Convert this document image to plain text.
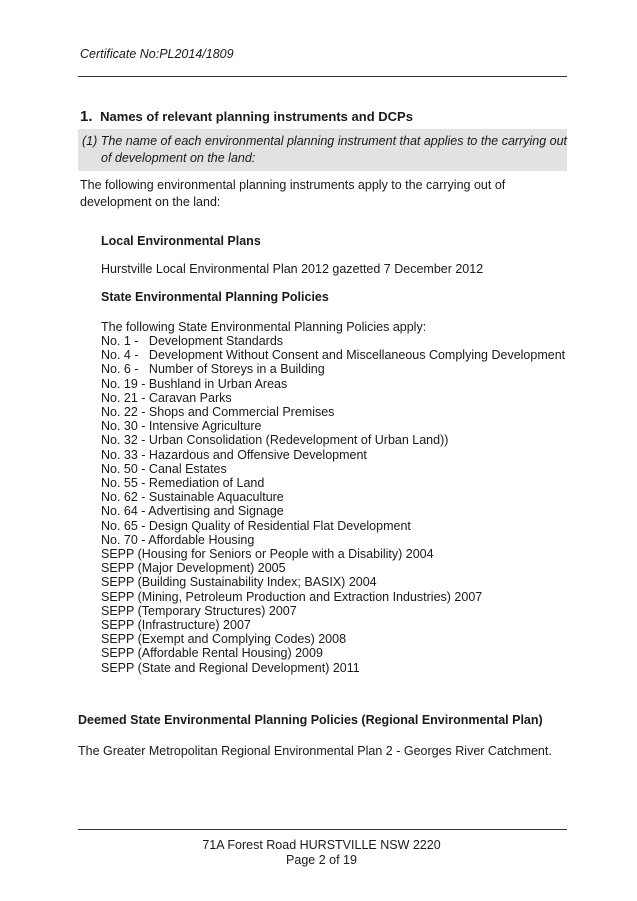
Certificate No:PL2014/1809
1. Names of relevant planning instruments and DCPs
(1) The name of each environmental planning instrument that applies to the carrying out
of development on the land:
The following environmental planning instruments apply to the carrying out of development on the land:
Local Environmental Plans
Hurstville Local Environmental Plan 2012 gazetted 7 December 2012
State Environmental Planning Policies
The following State Environmental Planning Policies apply:
No. 1 -   Development Standards
No. 4 -   Development Without Consent and Miscellaneous Complying Development
No. 6 -   Number of Storeys in a Building
No. 19 - Bushland in Urban Areas
No. 21 - Caravan Parks
No. 22 - Shops and Commercial Premises
No. 30 - Intensive Agriculture
No. 32 - Urban Consolidation (Redevelopment of Urban Land))
No. 33 - Hazardous and Offensive Development
No. 50 - Canal Estates
No. 55 - Remediation of Land
No. 62 - Sustainable Aquaculture
No. 64 - Advertising and Signage
No. 65 - Design Quality of Residential Flat Development
No. 70 - Affordable Housing
SEPP (Housing for Seniors or People with a Disability) 2004
SEPP (Major Development) 2005
SEPP (Building Sustainability Index; BASIX) 2004
SEPP (Mining, Petroleum Production and Extraction Industries) 2007
SEPP (Temporary Structures) 2007
SEPP (Infrastructure) 2007
SEPP (Exempt and Complying Codes) 2008
SEPP (Affordable Rental Housing) 2009
SEPP (State and Regional Development) 2011
Deemed State Environmental Planning Policies (Regional Environmental Plan)
The Greater Metropolitan Regional Environmental Plan 2 - Georges River Catchment.
71A Forest Road HURSTVILLE NSW 2220
Page 2 of 19
